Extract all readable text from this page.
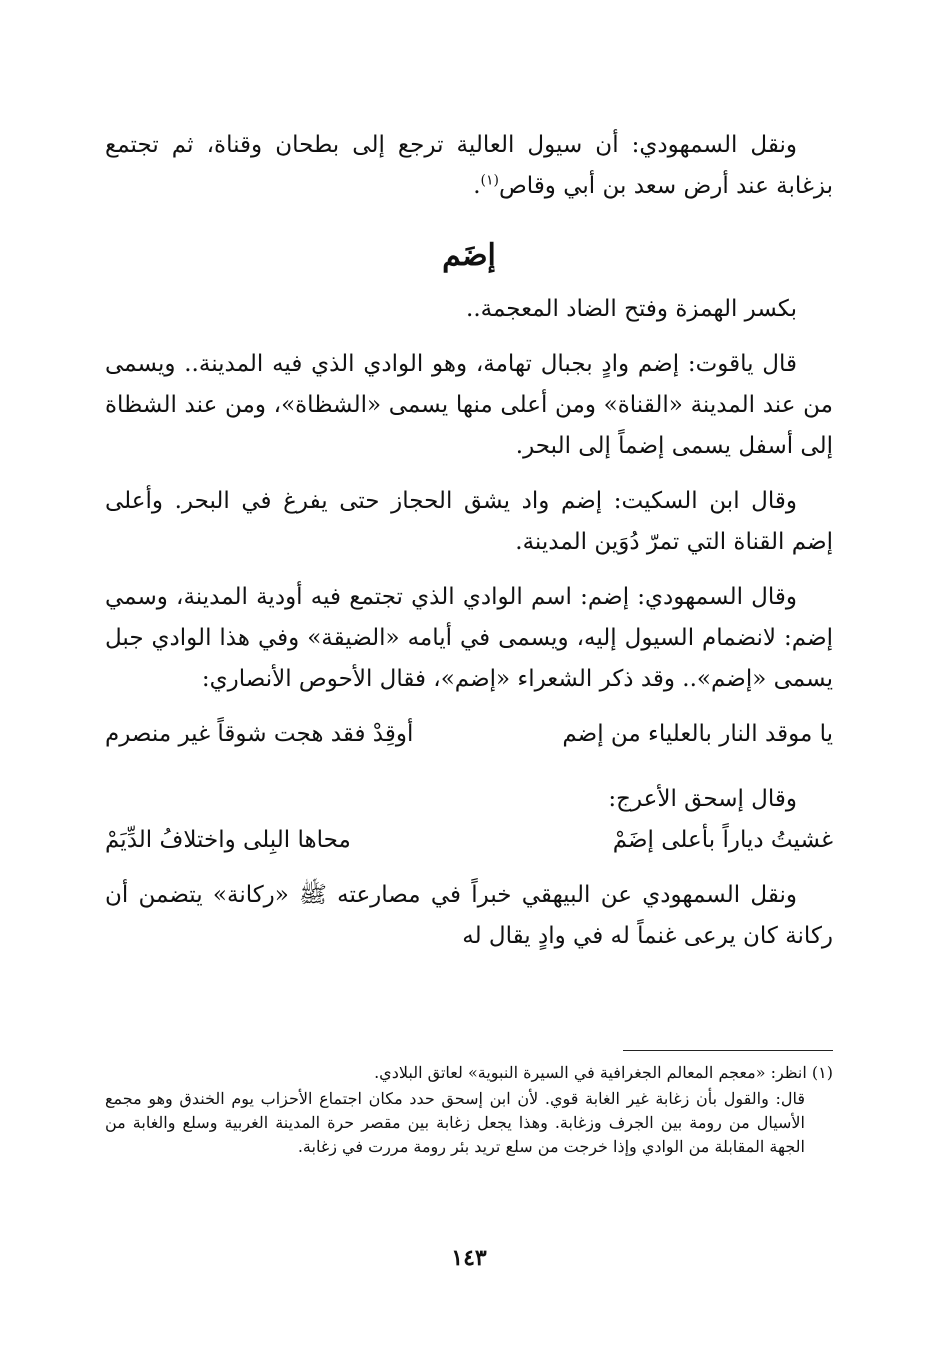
ونقل السمهودي: أن سيول العالية ترجع إلى بطحان وقناة، ثم تجتمع بزغابة عند أرض سعد بن أبي وقاص$^{(١)}$.

إضَم

بكسر الهمزة وفتح الضاد المعجمة..

قال ياقوت: إضم وادٍ بجبال تهامة، وهو الوادي الذي فيه المدينة.. ويسمى من عند المدينة «القناة» ومن أعلى منها يسمى «الشظاة»، ومن عند الشظاة إلى أسفل يسمى إضماً إلى البحر.

وقال ابن السكيت: إضم واد يشق الحجاز حتى يفرغ في البحر. وأعلى إضم القناة التي تمرّ دُوَين المدينة.

وقال السمهودي: إضم: اسم الوادي الذي تجتمع فيه أودية المدينة، وسمي إضم: لانضمام السيول إليه، ويسمى في أيامه «الضيقة» وفي هذا الوادي جبل يسمى «إضم».. وقد ذكر الشعراء «إضم»، فقال الأحوص الأنصاري:

يا موقد النار بالعلياء من إضم
أوقِدْ فقد هجت شوقاً غير منصرم

وقال إسحق الأعرج:

غشيتُ دياراً بأعلى إضَمْ
محاها البِلى واختلافُ الدِّيَمْ

ونقل السمهودي عن البيهقي خبراً في مصارعته ﷺ «ركانة» يتضمن أن ركانة كان يرعى غنماً له في وادٍ يقال له

(١) انظر: «معجم المعالم الجغرافية في السيرة النبوية» لعاتق البلادي.

قال: والقول بأن زغابة غير الغابة قوي. لأن ابن إسحق حدد مكان اجتماع الأحزاب يوم الخندق وهو مجمع الأسيال من رومة بين الجرف وزغابة. وهذا يجعل زغابة بين مقصر حرة المدينة الغربية وسلع والغابة من الجهة المقابلة من الوادي وإذا خرجت من سلع تريد بئر رومة مررت في زغابة.

١٤٣
